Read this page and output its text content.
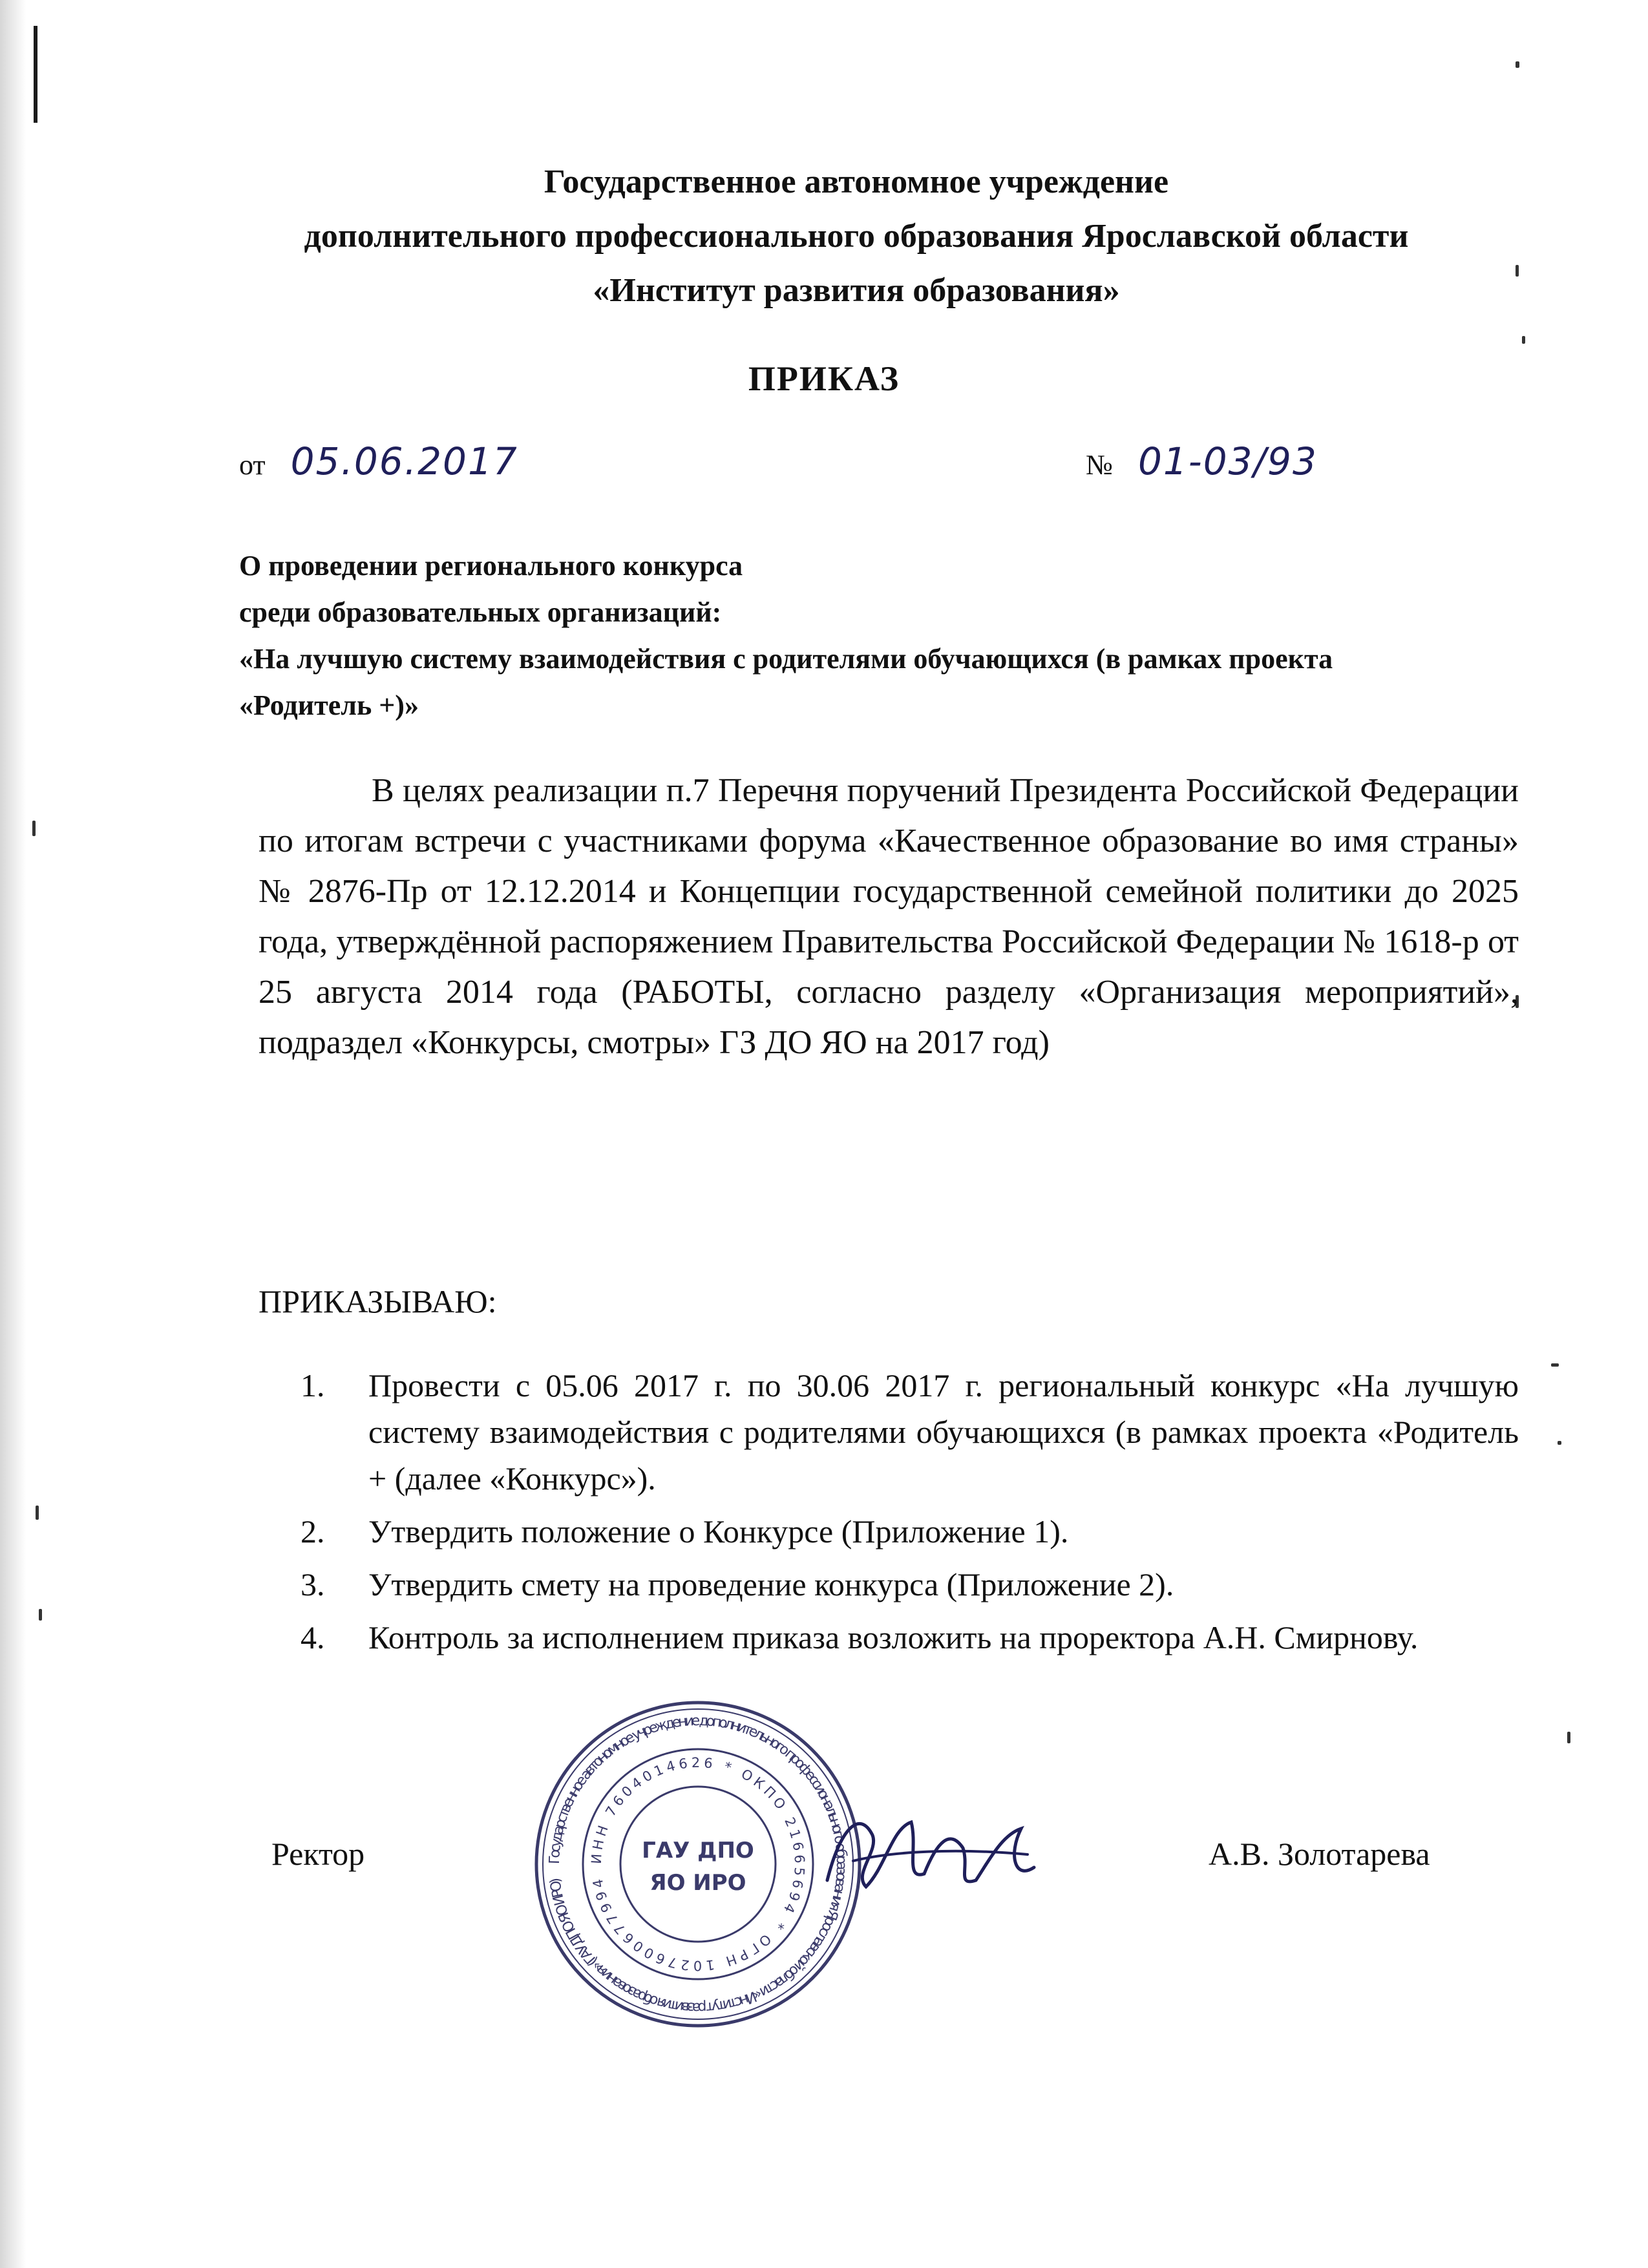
Государственное автономное учреждение
дополнительного профессионального образования Ярославской области
«Институт развития образования»
ПРИКАЗ
от 05.06.2017	№ 01-03/93
О проведении регионального конкурса
среди образовательных организаций:
«На лучшую систему взаимодействия с родителями обучающихся (в рамках проекта
«Родитель +)»
В целях реализации п.7 Перечня поручений Президента Российской Федерации по итогам встречи с участниками форума «Качественное образование во имя страны» № 2876-Пр от 12.12.2014 и Концепции государственной семейной политики до 2025 года, утверждённой распоряжением Правительства Российской Федерации № 1618-р от 25 августа 2014 года (РАБОТЫ, согласно разделу «Организация мероприятий», подраздел «Конкурсы, смотры» ГЗ ДО ЯО на 2017 год)
ПРИКАЗЫВАЮ:
1. Провести с 05.06 2017 г. по 30.06 2017 г. региональный конкурс «На лучшую систему взаимодействия с родителями обучающихся (в рамках проекта «Родитель + (далее «Конкурс»).
2. Утвердить положение о Конкурсе (Приложение 1).
3. Утвердить смету на проведение конкурса (Приложение 2).
4. Контроль за исполнением приказа возложить на проректора А.Н. Смирнову.
Ректор	А.В. Золотарева
Государственное автономное учреждение дополнительного профессионального образования Ярославской области «Институт развития образования» (ГАУ ДПО ЯО ИРО)
ИНН 7604014626 * ОКПО 21665694 * ОГРН 1027600677994
ГАУ ДПО
ЯО ИРО
